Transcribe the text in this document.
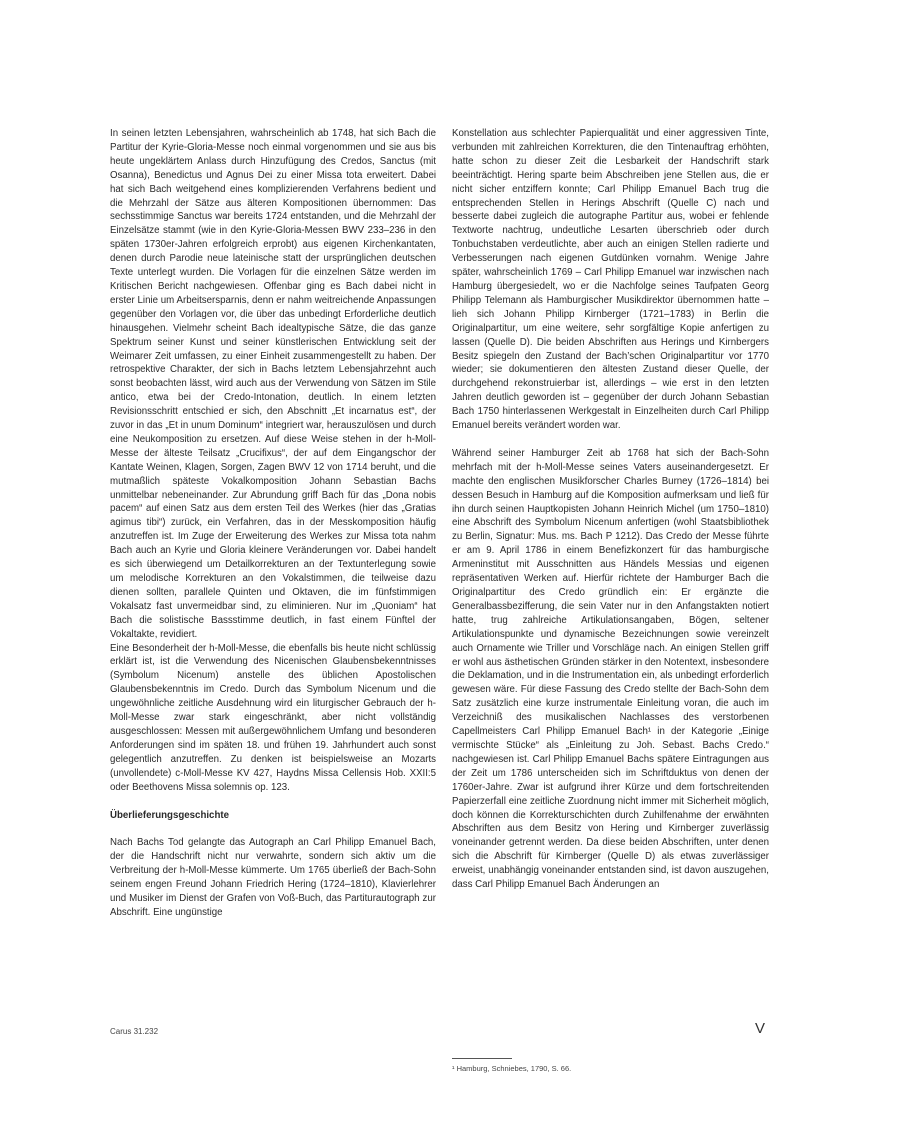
In seinen letzten Lebensjahren, wahrscheinlich ab 1748, hat sich Bach die Partitur der Kyrie-Gloria-Messe noch einmal vorgenommen und sie aus bis heute ungeklärtem Anlass durch Hinzufügung des Credos, Sanctus (mit Osanna), Benedictus und Agnus Dei zu einer Missa tota erweitert. Dabei hat sich Bach weitgehend eines komplizierenden Verfahrens bedient und die Mehrzahl der Sätze aus älteren Kompositionen übernommen: Das sechsstimmige Sanctus war bereits 1724 entstanden, und die Mehrzahl der Einzelsätze stammt (wie in den Kyrie-Gloria-Messen BWV 233–236 in den späten 1730er-Jahren erfolgreich erprobt) aus eigenen Kirchenkantaten, denen durch Parodie neue lateinische statt der ursprünglichen deutschen Texte unterlegt wurden. Die Vorlagen für die einzelnen Sätze werden im Kritischen Bericht nachgewiesen. Offenbar ging es Bach dabei nicht in erster Linie um Arbeitsersparnis, denn er nahm weitreichende Anpassungen gegenüber den Vorlagen vor, die über das unbedingt Erforderliche deutlich hinausgehen. Vielmehr scheint Bach idealtypische Sätze, die das ganze Spektrum seiner Kunst und seiner künstlerischen Entwicklung seit der Weimarer Zeit umfassen, zu einer Einheit zusammengestellt zu haben. Der retrospektive Charakter, der sich in Bachs letztem Lebensjahrzehnt auch sonst beobachten lässt, wird auch aus der Verwendung von Sätzen im Stile antico, etwa bei der Credo-Intonation, deutlich. In einem letzten Revisionsschritt entschied er sich, den Abschnitt „Et incarnatus est“, der zuvor in das „Et in unum Dominum“ integriert war, herauszulösen und durch eine Neukomposition zu ersetzen. Auf diese Weise stehen in der h-Moll-Messe der älteste Teilsatz „Crucifixus“, der auf dem Eingangschor der Kantate Weinen, Klagen, Sorgen, Zagen BWV 12 von 1714 beruht, und die mutmaßlich späteste Vokalkomposition Johann Sebastian Bachs unmittelbar nebeneinander. Zur Abrundung griff Bach für das „Dona nobis pacem“ auf einen Satz aus dem ersten Teil des Werkes (hier das „Gratias agimus tibi“) zurück, ein Verfahren, das in der Messkomposition häufig anzutreffen ist. Im Zuge der Erweiterung des Werkes zur Missa tota nahm Bach auch an Kyrie und Gloria kleinere Veränderungen vor. Dabei handelt es sich überwiegend um Detailkorrekturen an der Textunterlegung sowie um melodische Korrekturen an den Vokalstimmen, die teilweise dazu dienen sollten, parallele Quinten und Oktaven, die im fünfstimmigen Vokalsatz fast unvermeidbar sind, zu eliminieren. Nur im „Quoniam“ hat Bach die solistische Bassstimme deutlich, in fast einem Fünftel der Vokaltakte, revidiert.

Eine Besonderheit der h-Moll-Messe, die ebenfalls bis heute nicht schlüssig erklärt ist, ist die Verwendung des Nicenischen Glaubensbekenntnisses (Symbolum Nicenum) anstelle des üblichen Apostolischen Glaubensbekenntnis im Credo. Durch das Symbolum Nicenum und die ungewöhnliche zeitliche Ausdehnung wird ein liturgischer Gebrauch der h-Moll-Messe zwar stark eingeschränkt, aber nicht vollständig ausgeschlossen: Messen mit außergewöhnlichem Umfang und besonderen Anforderungen sind im späten 18. und frühen 19. Jahrhundert auch sonst gelegentlich anzutreffen. Zu denken ist beispielsweise an Mozarts (unvollendete) c-Moll-Messe KV 427, Haydns Missa Cellensis Hob. XXII:5 oder Beethovens Missa solemnis op. 123.

Überlieferungsgeschichte

Nach Bachs Tod gelangte das Autograph an Carl Philipp Emanuel Bach, der die Handschrift nicht nur verwahrte, sondern sich aktiv um die Verbreitung der h-Moll-Messe kümmerte. Um 1765 überließ der Bach-Sohn seinem engen Freund Johann Friedrich Hering (1724–1810), Klavierlehrer und Musiker im Dienst der Grafen von Voß-Buch, das Partiturautograph zur Abschrift. Eine ungünstige

Konstellation aus schlechter Papierqualität und einer aggressiven Tinte, verbunden mit zahlreichen Korrekturen, die den Tintenauftrag erhöhten, hatte schon zu dieser Zeit die Lesbarkeit der Handschrift stark beeinträchtigt. Hering sparte beim Abschreiben jene Stellen aus, die er nicht sicher entziffern konnte; Carl Philipp Emanuel Bach trug die entsprechenden Stellen in Herings Abschrift (Quelle C) nach und besserte dabei zugleich die autographe Partitur aus, wobei er fehlende Textworte nachtrug, undeutliche Lesarten überschrieb oder durch Tonbuchstaben verdeutlichte, aber auch an einigen Stellen radierte und Verbesserungen nach eigenen Gutdünken vornahm. Wenige Jahre später, wahrscheinlich 1769 – Carl Philipp Emanuel war inzwischen nach Hamburg übergesiedelt, wo er die Nachfolge seines Taufpaten Georg Philipp Telemann als Hamburgischer Musikdirektor übernommen hatte – lieh sich Johann Philipp Kirnberger (1721–1783) in Berlin die Originalpartitur, um eine weitere, sehr sorgfältige Kopie anfertigen zu lassen (Quelle D). Die beiden Abschriften aus Herings und Kirnbergers Besitz spiegeln den Zustand der Bach’schen Originalpartitur vor 1770 wieder; sie dokumentieren den ältesten Zustand dieser Quelle, der durchgehend rekonstruierbar ist, allerdings – wie erst in den letzten Jahren deutlich geworden ist – gegenüber der durch Johann Sebastian Bach 1750 hinterlassenen Werkgestalt in Einzelheiten durch Carl Philipp Emanuel bereits verändert worden war.

Während seiner Hamburger Zeit ab 1768 hat sich der Bach-Sohn mehrfach mit der h-Moll-Messe seines Vaters auseinandergesetzt. Er machte den englischen Musikforscher Charles Burney (1726–1814) bei dessen Besuch in Hamburg auf die Komposition aufmerksam und ließ für ihn durch seinen Hauptkopisten Johann Heinrich Michel (um 1750–1810) eine Abschrift des Symbolum Nicenum anfertigen (wohl Staatsbibliothek zu Berlin, Signatur: Mus. ms. Bach P 1212). Das Credo der Messe führte er am 9. April 1786 in einem Benefizkonzert für das hamburgische Armeninstitut mit Ausschnitten aus Händels Messias und eigenen repräsentativen Werken auf. Hierfür richtete der Hamburger Bach die Originalpartitur des Credo gründlich ein: Er ergänzte die Generalbassbezifferung, die sein Vater nur in den Anfangstakten notiert hatte, trug zahlreiche Artikulationsangaben, Bögen, seltener Artikulationspunkte und dynamische Bezeichnungen sowie vereinzelt auch Ornamente wie Triller und Vorschläge nach. An einigen Stellen griff er wohl aus ästhetischen Gründen stärker in den Notentext, insbesondere die Deklamation, und in die Instrumentation ein, als unbedingt erforderlich gewesen wäre. Für diese Fassung des Credo stellte der Bach-Sohn dem Satz zusätzlich eine kurze instrumentale Einleitung voran, die auch im Verzeichniß des musikalischen Nachlasses des verstorbenen Capellmeisters Carl Philipp Emanuel Bach¹ in der Kategorie „Einige vermischte Stücke“ als „Einleitung zu Joh. Sebast. Bachs Credo.“ nachgewiesen ist. Carl Philipp Emanuel Bachs spätere Eintragungen aus der Zeit um 1786 unterscheiden sich im Schriftduktus von denen der 1760er-Jahre. Zwar ist aufgrund ihrer Kürze und dem fortschreitenden Papierzerfall eine zeitliche Zuordnung nicht immer mit Sicherheit möglich, doch können die Korrekturschichten durch Zuhilfenahme der erwähnten Abschriften aus dem Besitz von Hering und Kirnberger zuverlässig voneinander getrennt werden. Da diese beiden Abschriften, unter denen sich die Abschrift für Kirnberger (Quelle D) als etwas zuverlässiger erweist, unabhängig voneinander entstanden sind, ist davon auszugehen, dass Carl Philipp Emanuel Bach Änderungen an

¹ Hamburg, Schniebes, 1790, S. 66.
Carus 31.232	V
